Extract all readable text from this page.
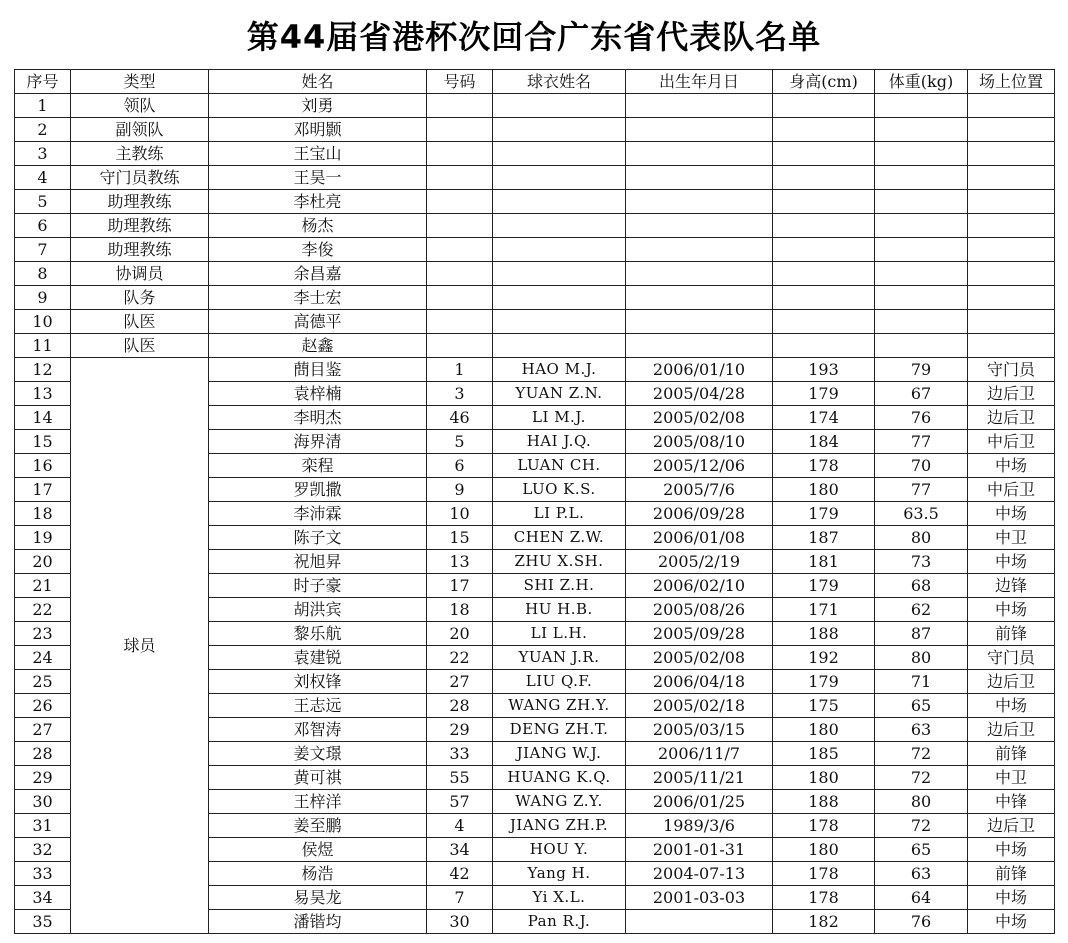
第44届省港杯次回合广东省代表队名单
序号	类型	姓名	号码	球衣姓名	出生年月日	身高(cm)	体重(kg)	场上位置
1	领队	刘勇						
2	副领队	邓明颢						
3	主教练	王宝山						
4	守门员教练	王昊一						
5	助理教练	李杜亮						
6	助理教练	杨杰						
7	助理教练	李俊						
8	协调员	余昌嘉						
9	队务	李士宏						
10	队医	高德平						
11	队医	赵鑫						
12	球员	蔄目鉴	1	HAO M.J.	2006/01/10	193	79	守门员
13		袁梓楠	3	YUAN Z.N.	2005/04/28	179	67	边后卫
14		李明杰	46	LI M.J.	2005/02/08	174	76	边后卫
15		海界清	5	HAI J.Q.	2005/08/10	184	77	中后卫
16		栾程	6	LUAN CH.	2005/12/06	178	70	中场
17		罗凯撒	9	LUO K.S.	2005/7/6	180	77	中后卫
18		李沛霖	10	LI P.L.	2006/09/28	179	63.5	中场
19		陈子文	15	CHEN Z.W.	2006/01/08	187	80	中卫
20		祝旭昇	13	ZHU X.SH.	2005/2/19	181	73	中场
21		时子豪	17	SHI Z.H.	2006/02/10	179	68	边锋
22		胡洪宾	18	HU H.B.	2005/08/26	171	62	中场
23		黎乐航	20	LI L.H.	2005/09/28	188	87	前锋
24		袁建锐	22	YUAN J.R.	2005/02/08	192	80	守门员
25		刘权锋	27	LIU Q.F.	2006/04/18	179	71	边后卫
26		王志远	28	WANG ZH.Y.	2005/02/18	175	65	中场
27		邓智涛	29	DENG ZH.T.	2005/03/15	180	63	边后卫
28		姜文璟	33	JIANG W.J.	2006/11/7	185	72	前锋
29		黄可祺	55	HUANG K.Q.	2005/11/21	180	72	中卫
30		王梓洋	57	WANG Z.Y.	2006/01/25	188	80	中锋
31		姜至鹏	4	JIANG ZH.P.	1989/3/6	178	72	边后卫
32		侯煜	34	HOU Y.	2001-01-31	180	65	中场
33		杨浩	42	Yang H.	2004-07-13	178	63	前锋
34		易昊龙	7	Yi X.L.	2001-03-03	178	64	中场
35		潘锴均	30	Pan R.J.		182	76	中场
